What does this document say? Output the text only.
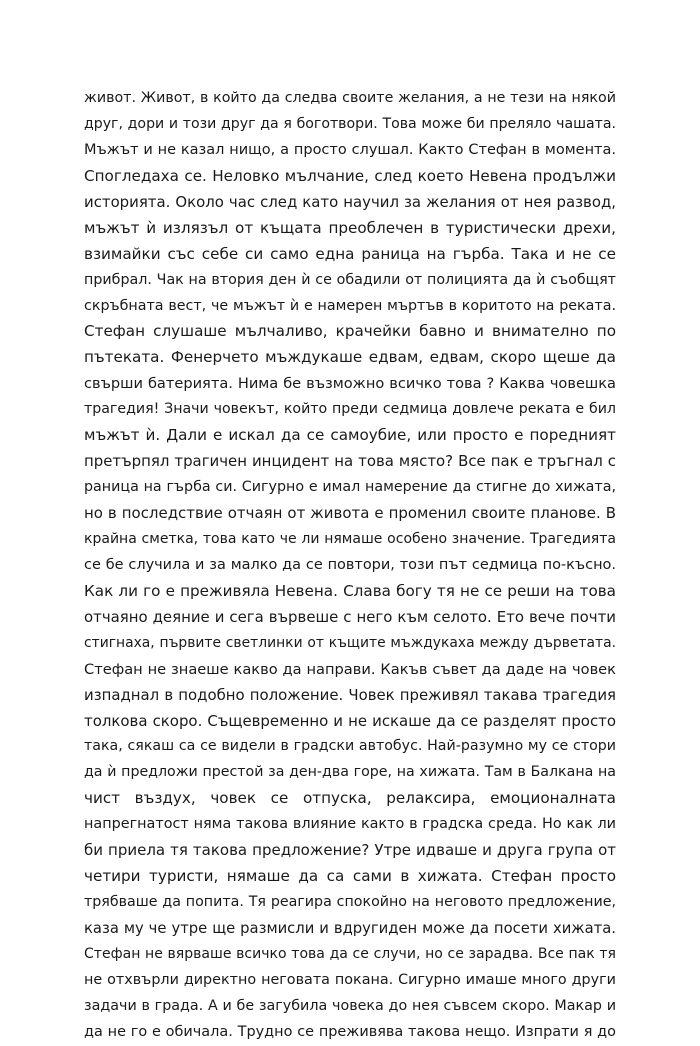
живот. Живот, в който да следва своите желания, а не тези на някой
друг, дори и този друг да я боготвори. Това може би преляло чашата.
Мъжът и не казал нищо, а просто слушал. Както Стефан в момента.
Спогледаха се. Неловко мълчание, след което Невена продължи
историята. Около час след като научил за желания от нея развод,
мъжът ѝ излязъл от къщата преоблечен в туристически дрехи,
взимайки със себе си само една раница на гърба. Така и не се
прибрал. Чак на втория ден ѝ се обадили от полицията да ѝ съобщят
скръбната вест, че мъжът ѝ е намерен мъртъв в коритото на реката.
Стефан слушаше мълчаливо, крачейки бавно и внимателно по
пътеката. Фенерчето мъждукаше едвам, едвам, скоро щеше да
свърши батерията. Нима бе възможно всичко това ? Каква човешка
трагедия! Значи човекът, който преди седмица довлече реката е бил
мъжът ѝ. Дали е искал да се самоубие, или просто е поредният
претърпял трагичен инцидент на това място? Все пак е тръгнал с
раница на гърба си. Сигурно е имал намерение да стигне до хижата,
но в последствие отчаян от живота е променил своите планове. В
крайна сметка, това като че ли нямаше особено значение. Трагедията
се бе случила и за малко да се повтори, този път седмица по-късно.
Как ли го е преживяла Невена. Слава богу тя не се реши на това
отчаяно деяние и сега вървеше с него към селото. Ето вече почти
стигнаха, първите светлинки от къщите мъждукаха между дърветата.
Стефан не знаеше какво да направи. Какъв съвет да даде на човек
изпаднал в подобно положение. Човек преживял такава трагедия
толкова скоро. Същевременно и не искаше да се разделят просто
така, сякаш са се видели в градски автобус. Най-разумно му се стори
да ѝ предложи престой за ден-два горе, на хижата. Там в Балкана на
чист въздух, човек се отпуска, релаксира, емоционалната
напрегнатост няма такова влияние както в градска среда. Но как ли
би приела тя такова предложение? Утре идваше и друга група от
четири туристи, нямаше да са сами в хижата. Стефан просто
трябваше да попита. Тя реагира спокойно на неговото предложение,
каза му че утре ще размисли и вдругиден може да посети хижата.
Стефан не вярваше всичко това да се случи, но се зарадва. Все пак тя
не отхвърли директно неговата покана. Сигурно имаше много други
задачи в града. А и бе загубила човека до нея съвсем скоро. Макар и
да не го е обичала. Трудно се преживява такова нещо. Изпрати я до
